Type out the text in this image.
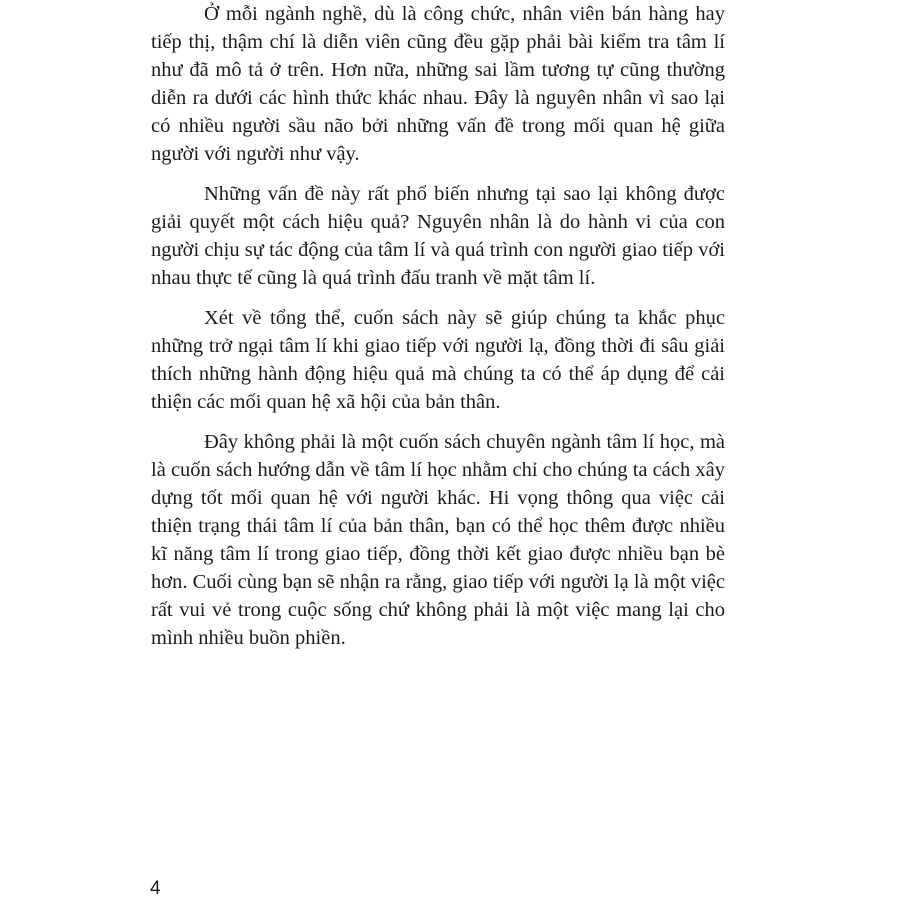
Ở mỗi ngành nghề, dù là công chức, nhân viên bán hàng hay tiếp thị, thậm chí là diễn viên cũng đều gặp phải bài kiểm tra tâm lí như đã mô tả ở trên. Hơn nữa, những sai lầm tương tự cũng thường diễn ra dưới các hình thức khác nhau. Đây là nguyên nhân vì sao lại có nhiều người sầu não bởi những vấn đề trong mối quan hệ giữa người với người như vậy.

Những vấn đề này rất phổ biến nhưng tại sao lại không được giải quyết một cách hiệu quả? Nguyên nhân là do hành vi của con người chịu sự tác động của tâm lí và quá trình con người giao tiếp với nhau thực tế cũng là quá trình đấu tranh về mặt tâm lí.

Xét về tổng thể, cuốn sách này sẽ giúp chúng ta khắc phục những trở ngại tâm lí khi giao tiếp với người lạ, đồng thời đi sâu giải thích những hành động hiệu quả mà chúng ta có thể áp dụng để cải thiện các mối quan hệ xã hội của bản thân.

Đây không phải là một cuốn sách chuyên ngành tâm lí học, mà là cuốn sách hướng dẫn về tâm lí học nhằm chỉ cho chúng ta cách xây dựng tốt mối quan hệ với người khác. Hi vọng thông qua việc cải thiện trạng thái tâm lí của bản thân, bạn có thể học thêm được nhiều kĩ năng tâm lí trong giao tiếp, đồng thời kết giao được nhiều bạn bè hơn. Cuối cùng bạn sẽ nhận ra rằng, giao tiếp với người lạ là một việc rất vui vẻ trong cuộc sống chứ không phải là một việc mang lại cho mình nhiều buồn phiền.

4
